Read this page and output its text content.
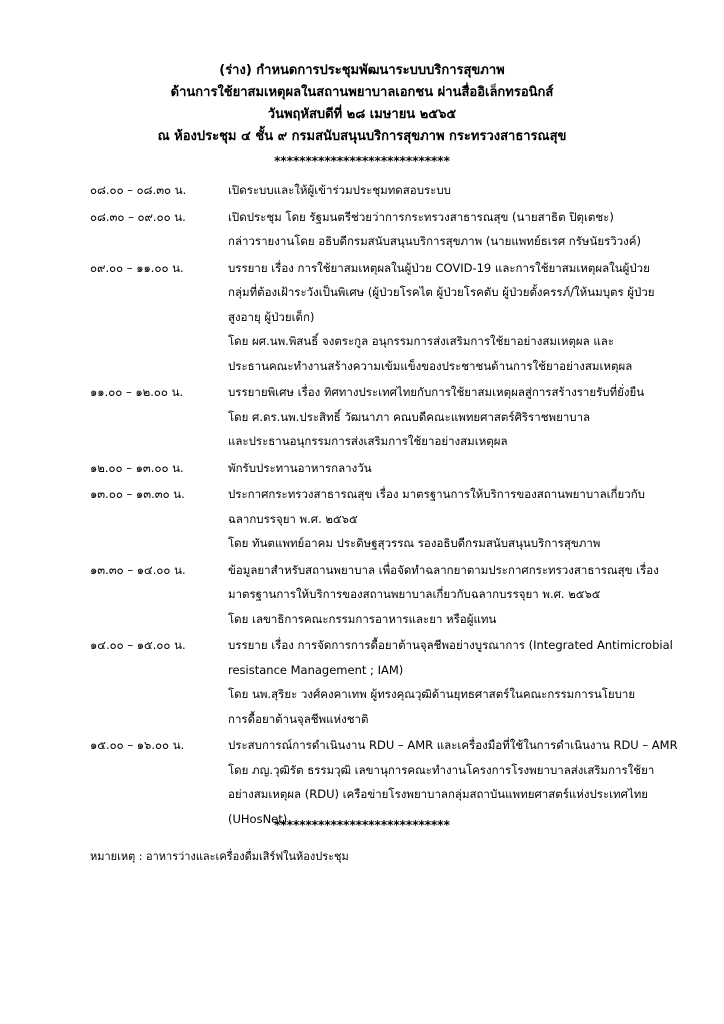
(ร่าง) กำหนดการประชุมพัฒนาระบบบริการสุขภาพ
ด้านการใช้ยาสมเหตุผลในสถานพยาบาลเอกชน ผ่านสื่ออิเล็กทรอนิกส์
วันพฤหัสบดีที่ ๒๘ เมษายน ๒๕๖๕
ณ ห้องประชุม ๔ ชั้น ๙ กรมสนับสนุนบริการสุขภาพ กระทรวงสาธารณสุข
****************************
๐๘.๐๐ – ๐๘.๓๐ น.	เปิดระบบและให้ผู้เข้าร่วมประชุมทดสอบระบบ
๐๘.๓๐ – ๐๙.๐๐ น.	เปิดประชุม โดย รัฐมนตรีช่วยว่าการกระทรวงสาธารณสุข (นายสาธิต ปิตุเตชะ)
กล่าวรายงานโดย อธิบดีกรมสนับสนุนบริการสุขภาพ (นายแพทย์ธเรศ กรัษนัยรวิวงค์)
๐๙.๐๐ – ๑๑.๐๐ น.	บรรยาย เรื่อง การใช้ยาสมเหตุผลในผู้ป่วย COVID-19 และการใช้ยาสมเหตุผลในผู้ป่วย
กลุ่มที่ต้องเฝ้าระวังเป็นพิเศษ (ผู้ป่วยโรคไต ผู้ป่วยโรคตับ ผู้ป่วยตั้งครรภ์/ให้นมบุตร ผู้ป่วย
สูงอายุ ผู้ป่วยเด็ก)
โดย ผศ.นพ.พิสนธิ์ จงตระกูล อนุกรรมการส่งเสริมการใช้ยาอย่างสมเหตุผล และ
ประธานคณะทำงานสร้างความเข้มแข็งของประชาชนด้านการใช้ยาอย่างสมเหตุผล
๑๑.๐๐ – ๑๒.๐๐ น.	บรรยายพิเศษ เรื่อง ทิศทางประเทศไทยกับการใช้ยาสมเหตุผลสู่การสร้างรายรับที่ยั่งยืน
โดย ศ.ดร.นพ.ประสิทธิ์ วัฒนาภา คณบดีคณะแพทยศาสตร์ศิริราชพยาบาล
และประธานอนุกรรมการส่งเสริมการใช้ยาอย่างสมเหตุผล
๑๒.๐๐ – ๑๓.๐๐ น.	พักรับประทานอาหารกลางวัน
๑๓.๐๐ – ๑๓.๓๐ น.	ประกาศกระทรวงสาธารณสุข เรื่อง มาตรฐานการให้บริการของสถานพยาบาลเกี่ยวกับ
ฉลากบรรจุยา พ.ศ. ๒๕๖๕
โดย ทันตแพทย์อาคม ประดิษฐสุวรรณ รองอธิบดีกรมสนับสนุนบริการสุขภาพ
๑๓.๓๐ – ๑๔.๐๐ น.	ข้อมูลยาสำหรับสถานพยาบาล เพื่อจัดทำฉลากยาตามประกาศกระทรวงสาธารณสุข เรื่อง
มาตรฐานการให้บริการของสถานพยาบาลเกี่ยวกับฉลากบรรจุยา พ.ศ. ๒๕๖๕
โดย เลขาธิการคณะกรรมการอาหารและยา หรือผู้แทน
๑๔.๐๐ – ๑๕.๐๐ น.	บรรยาย เรื่อง การจัดการการดื้อยาต้านจุลชีพอย่างบูรณาการ (Integrated Antimicrobial
resistance Management ; IAM)
โดย นพ.สุริยะ วงศ์คงคาเทพ ผู้ทรงคุณวุฒิด้านยุทธศาสตร์ในคณะกรรมการนโยบาย
การดื้อยาต้านจุลชีพแห่งชาติ
๑๕.๐๐ – ๑๖.๐๐ น.	ประสบการณ์การดำเนินงาน RDU – AMR และเครื่องมือที่ใช้ในการดำเนินงาน RDU – AMR
โดย ภญ.วุฒิรัต ธรรมวุฒิ เลขานุการคณะทำงานโครงการโรงพยาบาลส่งเสริมการใช้ยา
อย่างสมเหตุผล (RDU) เครือข่ายโรงพยาบาลกลุ่มสถาบันแพทยศาสตร์แห่งประเทศไทย
(UHosNet)
****************************
หมายเหตุ : อาหารว่างและเครื่องดื่มเสิร์ฟในห้องประชุม
